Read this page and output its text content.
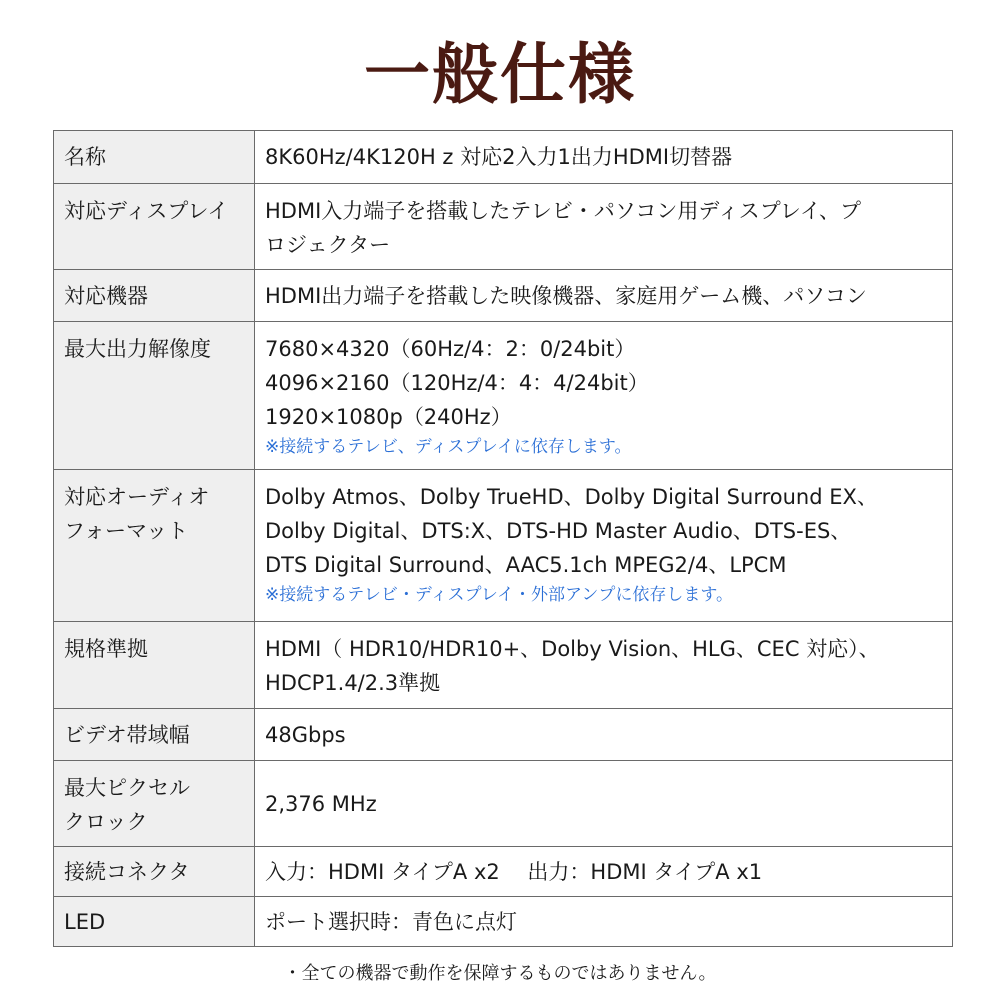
一般仕様
名称	8K60Hz/4K120H z 対応2入力1出力HDMI切替器

対応ディスプレイ	HDMI入力端子を搭載したテレビ・パソコン用ディスプレイ、プ
ロジェクター

対応機器	HDMI出力端子を搭載した映像機器、家庭用ゲーム機、パソコン

最大出力解像度	7680×4320（60Hz/4：2：0/24bit）
4096×2160（120Hz/4：4：4/24bit）
1920×1080p（240Hz）
※接続するテレビ、ディスプレイに依存します。

対応オーディオ
フォーマット	Dolby Atmos、Dolby TrueHD、Dolby Digital Surround EX、
Dolby Digital、DTS:X、DTS-HD Master Audio、DTS-ES、
DTS Digital Surround、AAC5.1ch MPEG2/4、LPCM
※接続するテレビ・ディスプレイ・外部アンプに依存します。

規格準拠	HDMI（ HDR10/HDR10+、Dolby Vision、HLG、CEC 対応）、
HDCP1.4/2.3準拠

ビデオ帯域幅	48Gbps

最大ピクセル
クロック	2,376 MHz

接続コネクタ	入力：HDMI タイプA x2　 出力：HDMI タイプA x1

LED	ポート選択時：青色に点灯
・全ての機器で動作を保障するものではありません。
